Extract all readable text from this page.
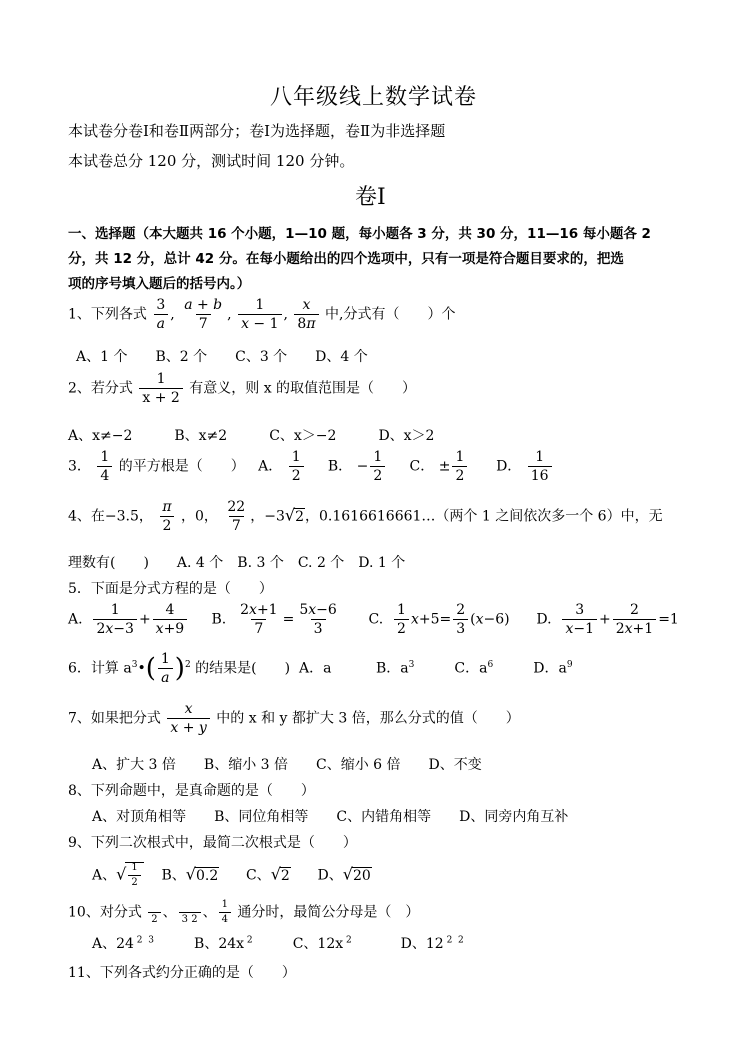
八年级线上数学试卷
本试卷分卷Ⅰ和卷Ⅱ两部分；卷Ⅰ为选择题，卷Ⅱ为非选择题
本试卷总分 120 分，测试时间 120 分钟。
卷Ⅰ
一、选择题（本大题共 16 个小题，1—10 题，每小题各 3 分，共 30 分，11—16 每小题各 2
分，共 12 分，总计 42 分。在每小题给出的四个选项中，只有一项是符合题目要求的，把选
项的序号填入题后的括号内。）
1、下列各式 $\frac{3}{a}$ , $\frac{a + b}{7}$ , $\frac{1}{x - 1}$ , $\frac{x}{8\pi}$ 中,分式有（　　）个
A、1 个　　B、2 个　　C、3 个　　D、4 个
2、若分式 $\frac{1}{x + 2}$ 有意义，则 x 的取值范围是（　　）
A、x≠−2　　　B、x≠2　　　C、x＞−2　　　D、x＞2
3． $\frac{1}{4}$ 的平方根是（　　） A． $\frac{1}{2}$ B． − $\frac{1}{2}$ C． ± $\frac{1}{2}$ D． $\frac{1}{16}$
4、在−3.5， $\frac{\pi}{2}$ ，0， $\frac{22}{7}$ ，−3√2，0.1616616661…（两个 1 之间依次多一个 6）中，无
理数有(　　)　　A. 4 个　B. 3 个　C. 2 个　D. 1 个
5．下面是分式方程的是（　　）
A. $\frac{1}{2x-3} + \frac{4}{x+9} B$. $\frac{2x+1}{7} = \frac{5x-6}{3} C$. $\frac{1}{2} x+5= \frac{2}{3} (x-6)$      D. $\frac{3}{x-1} + \frac{2}{2x+1} =1$
6．计算 $a^3•( \frac{1}{a} )^2$ 的结果是(　　) A．a	B．$a^3$	C．$a^6$	D．$a^9$
7、如果把分式 $\frac{x}{x + y}$ 中的 x 和 y 都扩大 3 倍，那么分式的值（　　）
A、扩大 3 倍　　B、缩小 3 倍　　C、缩小 6 倍　　D、不变
8、下列命题中，是真命题的是（　　）
A、对顶角相等　　B、同位角相等　　C、内错角相等　　D、同旁内角互补
9、下列二次根式中，最简二次根式是（　　）
A、√ $\frac{1}{2}$ B、√0.2      C、√2      D、√20
10、对分式
2 、
3 2 、 $\frac{1}{4}$ 通分时，最简公分母是（　）
A、24 $^{2 3}$	B、24x $^2$	C、12x $^2$	D、12 $^{2 2}$
11、下列各式约分正确的是（　　）
